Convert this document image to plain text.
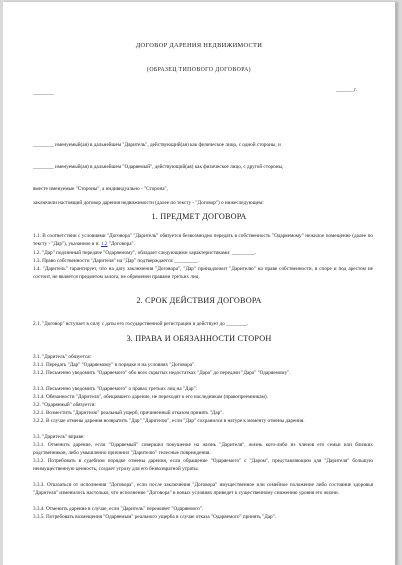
ДОГОВОР ДАРЕНИЯ НЕДВИЖИМОСТИ
(ОБРАЗЕЦ ТИПОВОГО ДОГОВОРА)
________	_______г.
________ именуемый(ая) в дальнейшем "Даритель", действующий(ая) как физическое лицо, с одной стороны, и
________ именуемый(ая) в дальнейшем "Одаряемый", действующий(ая) как физическое лицо, с другой стороны,
вместе именуемые "Стороны", а индивидуально - "Сторона",
заключили настоящий договор дарения недвижимости (далее по тексту - "Договор") о нижеследующем:
1. ПРЕДМЕТ ДОГОВОРА
1.1. В соответствии с условиями "Договора" "Даритель" обязуется безвозмездно передать в собственность "Одаряемому" нежилое помещение (далее по тексту - "Дар"), указанное в п. 1.2 "Договора".
1.2. "Дар" подлинный передаче "Одаряемому", обладает следующими характеристиками: _________.
1.3. Право собственности "Дарителя" на "Дар" подтверждается _________.
1.4. "Даритель" гарантирует, что на дату заключения "Договора", "Дар" принадлежит "Дарителю" на праве собственности, в споре и под арестом не состоит, не является предметом залога, не обременен правами третьих лиц.
2. СРОК ДЕЙСТВИЯ ДОГОВОРА
2.1. "Договор" вступает в силу с даты его государственной регистрации и действует до ________.
3. ПРАВА И ОБЯЗАННОСТИ СТОРОН
3.1. "Даритель" обязуется:
3.1.1. Передать "Дар" "Одаряемому" в порядке и на условиях "Договора".
3.1.2. Письменно уведомить "Одаряемого" обо всех скрытых недостатках "Дара" до передачи "Дара" "Одаряемому".
3.1.3. Письменно уведомить "Одаряемого" о правах третьих лиц на "Дар".
3.1.4. Обязанности "Дарителя", обещавшего дарение, не переходят к его наследникам (правопреемникам).
3.2. "Одаряемый" обязуется:
3.2.1. Возместить "Дарителю" реальный ущерб, причиненный отказом принять "Дар".
3.2.2. В случае отмены дарения возвратить "Дар" "Дарителю", если "Дар" сохранился в натуре к моменту отмены дарения.
3.3. "Даритель" вправе:
3.3.1. Отменить дарение, если "Одаряемый" совершил покушение на жизнь "Дарителя", жизнь кого-либо из членов его семьи или близких родственников, либо умышленно причинил "Дарителю" телесные повреждения.
3.3.2. Потребовать в судебном порядке отмены дарения, если обращение "Одаряемого" с "Даром", представляющим для "Дарителя" большую неимущественную ценность, создает угрозу для его безвозвратной утраты.
3.3.3. Отказаться от исполнения "Договора", если после заключения "Договора" имущественное или семейное положение либо состояние здоровья "Дарителя" изменилось настолько, что исполнение "Договора" в новых условиях приведет к существенному снижению уровня его жизни.
3.3.4. Отменить дарение в случае, если "Даритель" переживет "Одаряемого".
3.3.5. Потребовать возмещения "Одаряемым" реального ущерба в случае отказа "Одаряемого" принять "Дар".
